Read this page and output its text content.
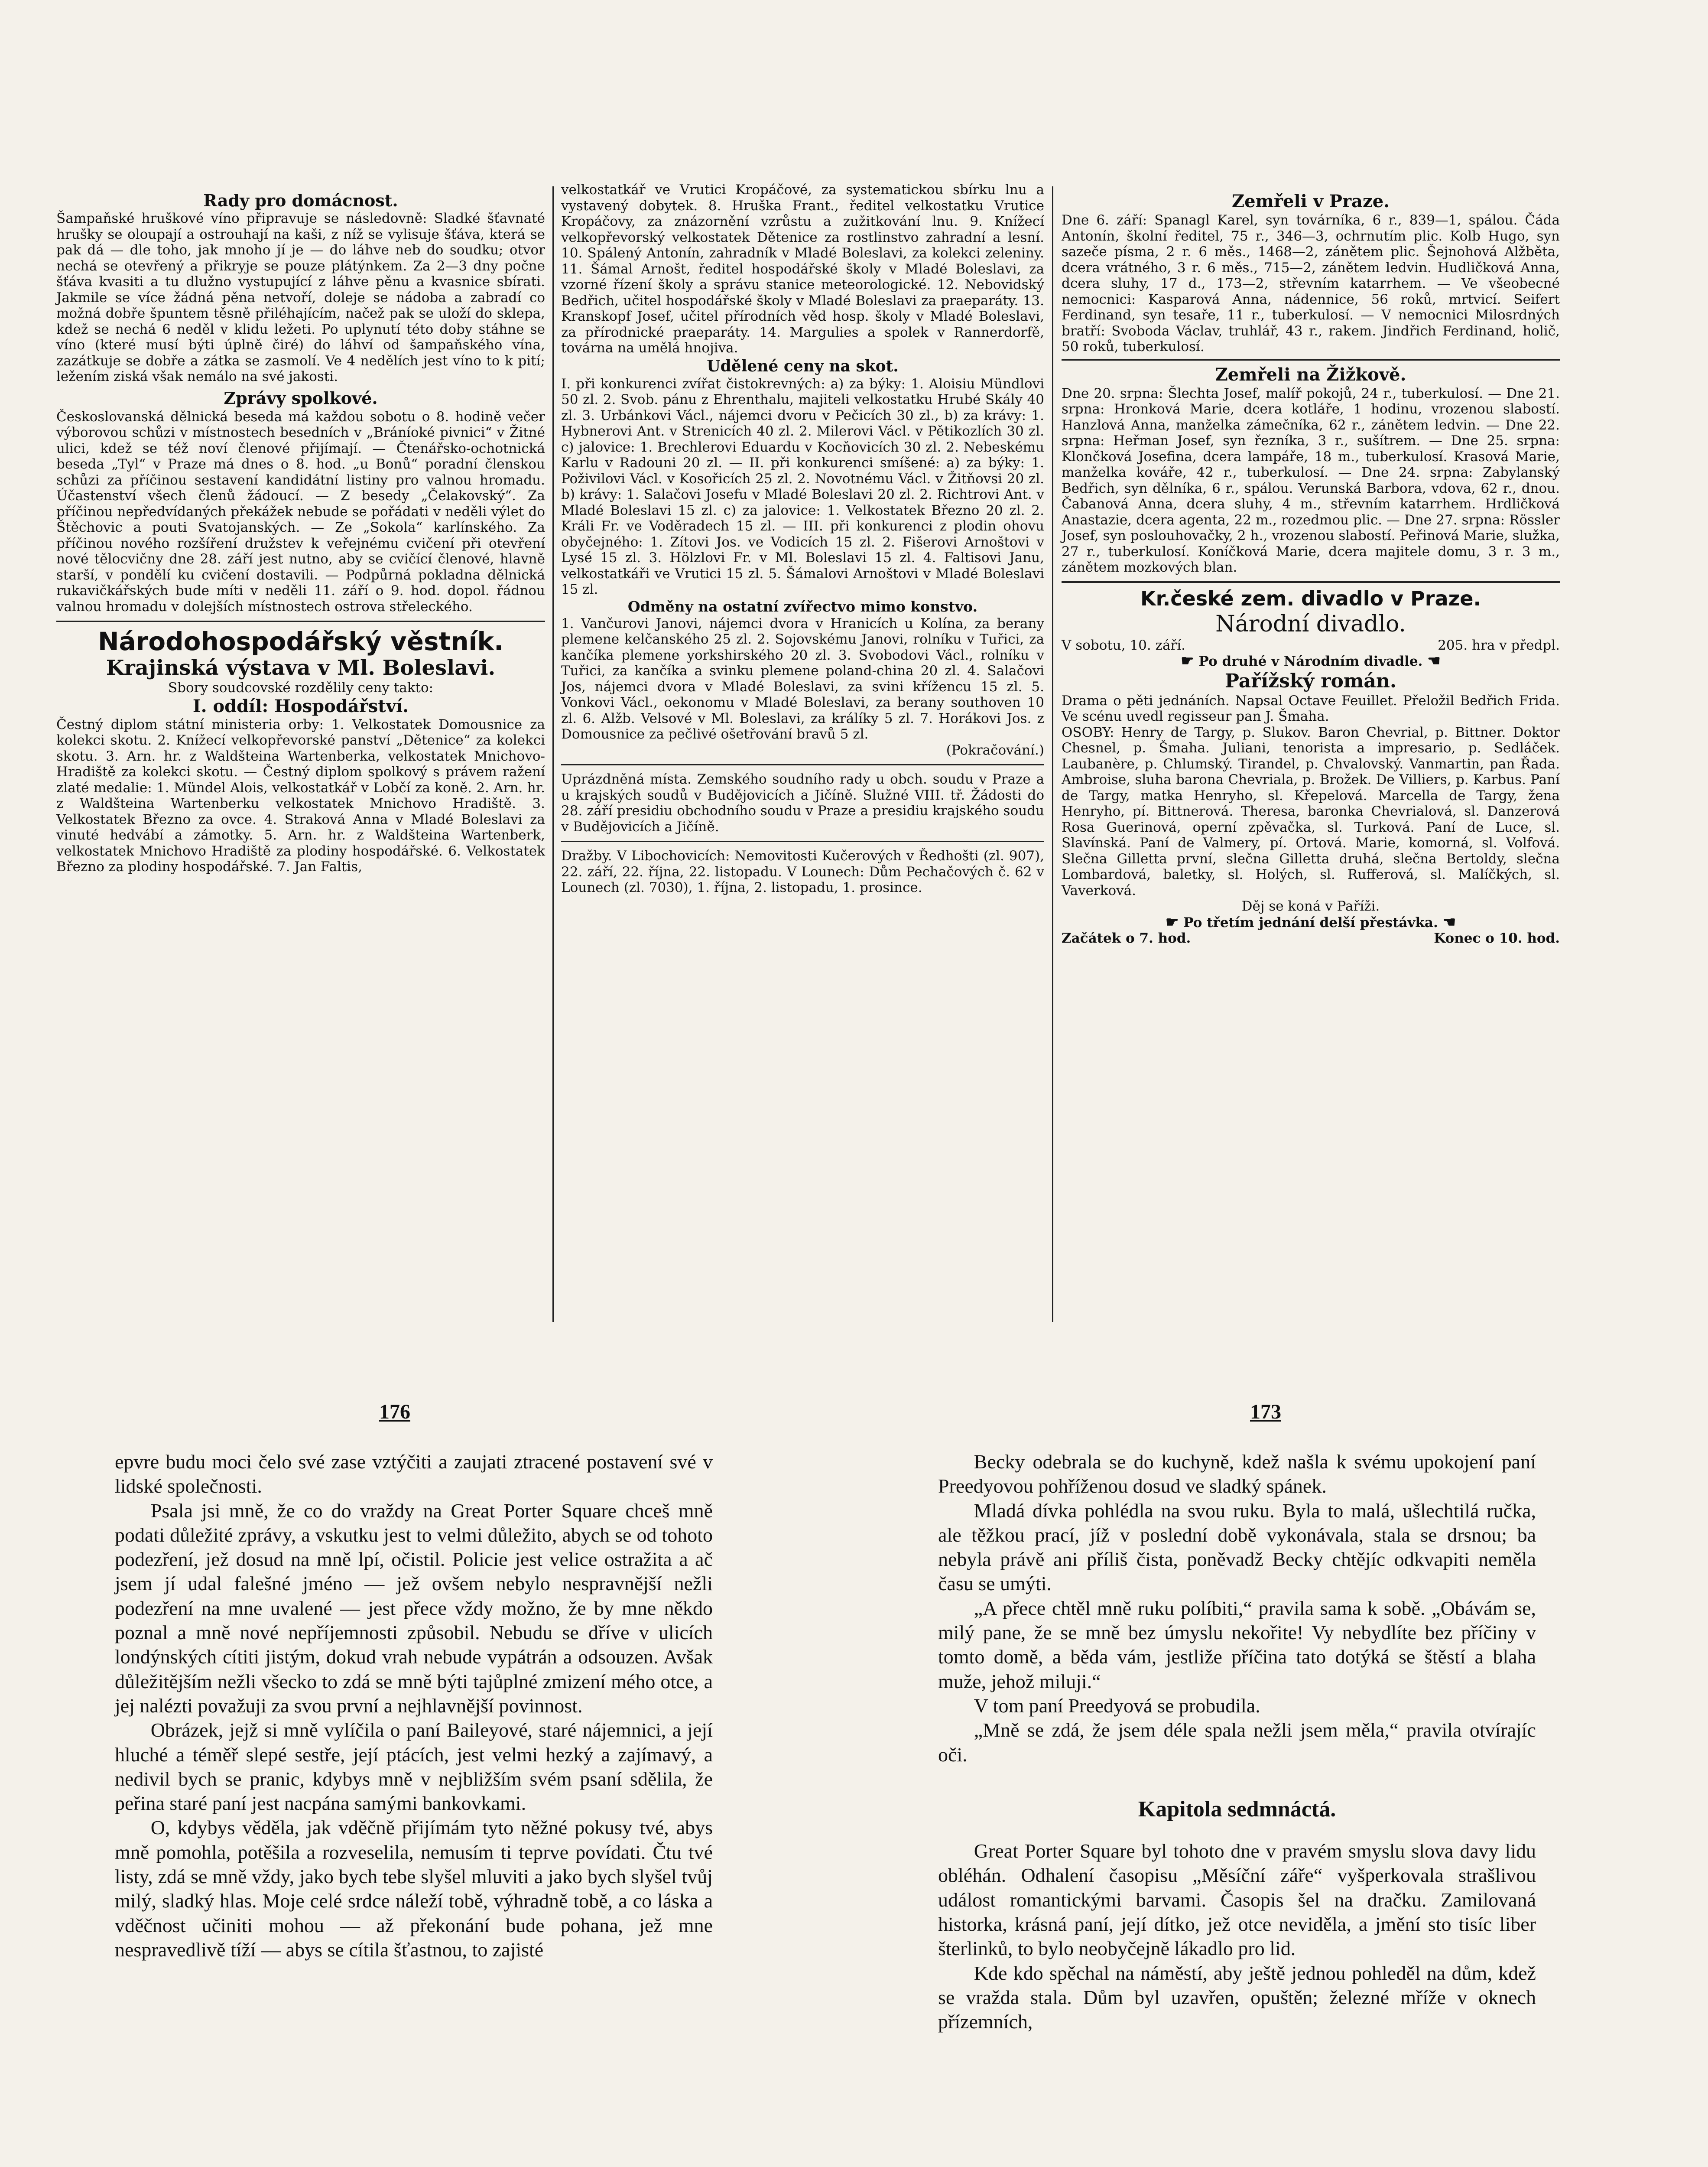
Rady pro domácnost.

Šampaňské hruškové víno připravuje se následovně: Sladké šťavnaté hrušky se oloupají a ostrouhají na kaši, z níž se vylisuje šťáva, která se pak dá — dle toho, jak mnoho jí je — do láhve neb do soudku; otvor nechá se otevřený a přikryje se pouze plátýnkem. Za 2—3 dny počne šťáva kvasiti a tu dlužno vystupující z láhve pěnu a kvasnice sbírati. Jakmile se více žádná pěna netvoří, doleje se nádoba a zabradí co možná dobře špuntem těsně přiléhajícím, načež pak se uloží do sklepa, kdež se nechá 6 neděl v klidu ležeti. Po uplynutí této doby stáhne se víno (které musí býti úplně čiré) do láhví od šampaňského vína, zazátkuje se dobře a zátka se zasmolí. Ve 4 nedělích jest víno to k pití; ležením ziská však nemálo na své jakosti.

Zprávy spolkové.

Českoslovanská dělnická beseda má každou sobotu o 8. hodině večer výborovou schůzi v místnostech besedních v „Bráníoké pivnici“ v Žitné ulici, kdež se též noví členové přijímají. — Čtenářsko-ochotnická beseda „Tyl“ v Praze má dnes o 8. hod. „u Bonů“ poradní členskou schůzi za příčinou sestavení kandidátní listiny pro valnou hromadu. Účastenství všech členů žádoucí. — Z besedy „Čelakovský“. Za příčinou nepředvídaných překážek nebude se pořádati v neděli výlet do Štěchovic a pouti Svatojanských. — Ze „Sokola“ karlínského. Za příčinou nového rozšíření družstev k veřejnému cvičení při otevření nové tělocvičny dne 28. září jest nutno, aby se cvičící členové, hlavně starší, v pondělí ku cvičení dostavili. — Podpůrná pokladna dělnická rukavičkářských bude míti v neděli 11. září o 9. hod. dopol. řádnou valnou hromadu v dolejších místnostech ostrova střeleckého.

Národohospodářský věstník.

Krajinská výstava v Ml. Boleslavi.

Sbory soudcovské rozdělily ceny takto:

I. oddíl: Hospodářství.

Čestný diplom státní ministeria orby: 1. Velkostatek Domousnice za kolekci skotu. 2. Knížecí velkopřevorské panství „Dětenice“ za kolekci skotu. 3. Arn. hr. z Waldšteina Wartenberka, velkostatek Mnichovo-Hradiště za kolekci skotu. — Čestný diplom spolkový s právem ražení zlaté medalie: 1. Mündel Alois, velkostatkář v Lobčí za koně. 2. Arn. hr. z Waldšteina Wartenberku velkostatek Mnichovo Hradiště. 3. Velkostatek Březno za ovce. 4. Straková Anna v Mladé Boleslavi za vinuté hedvábí a zámotky. 5. Arn. hr. z Waldšteina Wartenberk, velkostatek Mnichovo Hradiště za plodiny hospodářské. 6. Velkostatek Březno za plodiny hospodářské. 7. Jan Faltis,

velkostatkář ve Vrutici Kropáčové, za systematickou sbírku lnu a vystavený dobytek. 8. Hruška Frant., ředitel velkostatku Vrutice Kropáčovy, za znázornění vzrůstu a zužitkování lnu. 9. Knížecí velkopřevorský velkostatek Dětenice za rostlinstvo zahradní a lesní. 10. Spálený Antonín, zahradník v Mladé Boleslavi, za kolekci zeleniny. 11. Šámal Arnošt, ředitel hospodářské školy v Mladé Boleslavi, za vzorné řízení školy a správu stanice meteorologické. 12. Nebovidský Bedřich, učitel hospodářské školy v Mladé Boleslavi za praeparáty. 13. Kranskopf Josef, učitel přírodních věd hosp. školy v Mladé Boleslavi, za přírodnické praeparáty. 14. Margulies a spolek v Rannerdorfě, továrna na umělá hnojiva.

Udělené ceny na skot.

I. při konkurenci zvířat čistokrevných: a) za býky: 1. Aloisiu Mündlovi 50 zl. 2. Svob. pánu z Ehrenthalu, majiteli velkostatku Hrubé Skály 40 zl. 3. Urbánkovi Václ., nájemci dvoru v Pečicích 30 zl., b) za krávy: 1. Hybnerovi Ant. v Strenicích 40 zl. 2. Milerovi Václ. v Pětikozlích 30 zl. c) jalovice: 1. Brechlerovi Eduardu v Kocňovicích 30 zl. 2. Nebeskému Karlu v Radouni 20 zl. — II. při konkurenci smíšené: a) za býky: 1. Poživilovi Václ. v Kosořicích 25 zl. 2. Novotnému Václ. v Žitňovsi 20 zl. b) krávy: 1. Salačovi Josefu v Mladé Boleslavi 20 zl. 2. Richtrovi Ant. v Mladé Boleslavi 15 zl. c) za jalovice: 1. Velkostatek Březno 20 zl. 2. Králi Fr. ve Voděradech 15 zl. — III. při konkurenci z plodin ohovu obyčejného: 1. Zítovi Jos. ve Vodicích 15 zl. 2. Fišerovi Arnoštovi v Lysé 15 zl. 3. Hölzlovi Fr. v Ml. Boleslavi 15 zl. 4. Faltisovi Janu, velkostatkáři ve Vrutici 15 zl. 5. Šámalovi Arnoštovi v Mladé Boleslavi 15 zl.

Odměny na ostatní zvířectvo mimo konstvo.

1. Vančurovi Janovi, nájemci dvora v Hranicích u Kolína, za berany plemene kelčanského 25 zl. 2. Sojovskému Janovi, rolníku v Tuřici, za kančíka plemene yorkshirského 20 zl. 3. Svobodovi Václ., rolníku v Tuřici, za kančíka a svinku plemene poland-china 20 zl. 4. Salačovi Jos, nájemci dvora v Mladé Boleslavi, za svini křížencu 15 zl. 5. Vonkovi Václ., oekonomu v Mladé Boleslavi, za berany southoven 10 zl. 6. Alžb. Velsové v Ml. Boleslavi, za králíky 5 zl. 7. Horákovi Jos. z Domousnice za pečlivé ošetřování bravů 5 zl.

(Pokračování.)

Uprázdněná místa. Zemského soudního rady u obch. soudu v Praze a u krajských soudů v Budějovicích a Jičíně. Služné VIII. tř. Žádosti do 28. září presidiu obchodního soudu v Praze a presidiu krajského soudu v Budějovicích a Jičíně.

Dražby. V Libochovicích: Nemovitosti Kučerových v Ředhošti (zl. 907), 22. září, 22. října, 22. listopadu. V Lounech: Dům Pechačových č. 62 v Lounech (zl. 7030), 1. října, 2. listopadu, 1. prosince.

Zemřeli v Praze.

Dne 6. září: Spanagl Karel, syn továrníka, 6 r., 839—1, spálou. Čáda Antonín, školní ředitel, 75 r., 346—3, ochrnutím plic. Kolb Hugo, syn sazeče písma, 2 r. 6 měs., 1468—2, zánětem plic. Šejnohová Alžběta, dcera vrátného, 3 r. 6 měs., 715—2, zánětem ledvin. Hudličková Anna, dcera sluhy, 17 d., 173—2, střevním katarrhem. — Ve všeobecné nemocnici: Kasparová Anna, nádennice, 56 roků, mrtvicí. Seifert Ferdinand, syn tesaře, 11 r., tuberkulosí. — V nemocnici Milosrdných bratří: Svoboda Václav, truhlář, 43 r., rakem. Jindřich Ferdinand, holič, 50 roků, tuberkulosí.

Zemřeli na Žižkově.

Dne 20. srpna: Šlechta Josef, malíř pokojů, 24 r., tuberkulosí. — Dne 21. srpna: Hronková Marie, dcera kotláře, 1 hodinu, vrozenou slabostí. Hanzlová Anna, manželka zámečníka, 62 r., zánětem ledvin. — Dne 22. srpna: Heřman Josef, syn řezníka, 3 r., sušítrem. — Dne 25. srpna: Klončková Josefina, dcera lampáře, 18 m., tuberkulosí. Krasová Marie, manželka kováře, 42 r., tuberkulosí. — Dne 24. srpna: Zabylanský Bedřich, syn dělníka, 6 r., spálou. Verunská Barbora, vdova, 62 r., dnou. Čabanová Anna, dcera sluhy, 4 m., střevním katarrhem. Hrdličková Anastazie, dcera agenta, 22 m., rozedmou plic. — Dne 27. srpna: Rössler Josef, syn poslouhovačky, 2 h., vrozenou slabostí. Peřinová Marie, služka, 27 r., tuberkulosí. Koníčková Marie, dcera majitele domu, 3 r. 3 m., zánětem mozkových blan.

Kr.české zem. divadlo v Praze.

Národní divadlo.

V sobotu, 10. září.	205. hra v předpl.

☛ Po druhé v Národním divadle. ☚

Pařížský román.

Drama o pěti jednáních. Napsal Octave Feuillet. Přeložil Bedřich Frida. Ve scénu uvedl regisseur pan J. Šmaha.

OSOBY: Henry de Targy, p. Slukov. Baron Chevrial, p. Bittner. Doktor Chesnel, p. Šmaha. Juliani, tenorista a impresario, p. Sedláček. Laubanère, p. Chlumský. Tirandel, p. Chvalovský. Vanmartin, pan Řada. Ambroise, sluha barona Chevriala, p. Brožek. De Villiers, p. Karbus. Paní de Targy, matka Henryho, sl. Křepelová. Marcella de Targy, žena Henryho, pí. Bittnerová. Theresa, baronka Chevrialová, sl. Danzerová Rosa Guerinová, operní zpěvačka, sl. Turková. Paní de Luce, sl. Slavínská. Paní de Valmery, pí. Ortová. Marie, komorná, sl. Volfová. Slečna Gilletta první, slečna Gilletta druhá, slečna Bertoldy, slečna Lombardová, baletky, sl. Holých, sl. Rufferová, sl. Malíčkých, sl. Vaverková.

Děj se koná v Paříži.

☛ Po třetím jednání delší přestávka. ☚

Začátek o 7. hod.	Konec o 10. hod.
176	173

epvre budu moci čelo své zase vztýčiti a zaujati ztracené postavení své v lidské společnosti.

Psala jsi mně, že co do vraždy na Great Porter Square chceš mně podati důležité zprávy, a vskutku jest to velmi důležito, abych se od tohoto podezření, jež dosud na mně lpí, očistil. Policie jest velice ostražita a ač jsem jí udal falešné jméno — jež ovšem nebylo nespravnější nežli podezření na mne uvalené — jest přece vždy možno, že by mne někdo poznal a mně nové nepříjemnosti způsobil. Nebudu se dříve v ulicích londýnských cítiti jistým, dokud vrah nebude vypátrán a odsouzen. Avšak důležitějším nežli všecko to zdá se mně býti tajůplné zmizení mého otce, a jej nalézti považuji za svou první a nejhlavnější povinnost.

Obrázek, jejž si mně vylíčila o paní Baileyové, staré nájemnici, a její hluché a téměř slepé sestře, její ptácích, jest velmi hezký a zajímavý, a nedivil bych se pranic, kdybys mně v nejbližším svém psaní sdělila, že peřina staré paní jest nacpána samými bankovkami.

O, kdybys věděla, jak vděčně přijímám tyto něžné pokusy tvé, abys mně pomohla, potěšila a rozveselila, nemusím ti teprve povídati. Čtu tvé listy, zdá se mně vždy, jako bych tebe slyšel mluviti a jako bych slyšel tvůj milý, sladký hlas. Moje celé srdce náleží tobě, výhradně tobě, a co láska a vděčnost učiniti mohou — až překonání bude pohana, jež mne nespravedlivě tíží — abys se cítila šťastnou, to zajisté

Becky odebrala se do kuchyně, kdež našla k svému upokojení paní Preedyovou pohříženou dosud ve sladký spánek.

Mladá dívka pohlédla na svou ruku. Byla to malá, ušlechtilá ručka, ale těžkou prací, jíž v poslední době vykonávala, stala se drsnou; ba nebyla právě ani příliš čista, poněvadž Becky chtějíc odkvapiti neměla času se umýti.

„A přece chtěl mně ruku políbiti,“ pravila sama k sobě. „Obávám se, milý pane, že se mně bez úmyslu nekořite! Vy nebydlíte bez příčiny v tomto domě, a běda vám, jestliže příčina tato dotýká se štěstí a blaha muže, jehož miluji.“

V tom paní Preedyová se probudila.

„Mně se zdá, že jsem déle spala nežli jsem měla,“ pravila otvírajíc oči.

Kapitola sedmnáctá.

Great Porter Square byl tohoto dne v pravém smyslu slova davy lidu obléhán. Odhalení časopisu „Měsíční záře“ vyšperkovala strašlivou událost romantickými barvami. Časopis šel na dračku. Zamilovaná historka, krásná paní, její dítko, jež otce neviděla, a jmění sto tisíc liber šterlinků, to bylo neobyčejně lákadlo pro lid.

Kde kdo spěchal na náměstí, aby ještě jednou pohleděl na dům, kdež se vražda stala. Dům byl uzavřen, opuštěn; železné mříže v oknech přízemních,
